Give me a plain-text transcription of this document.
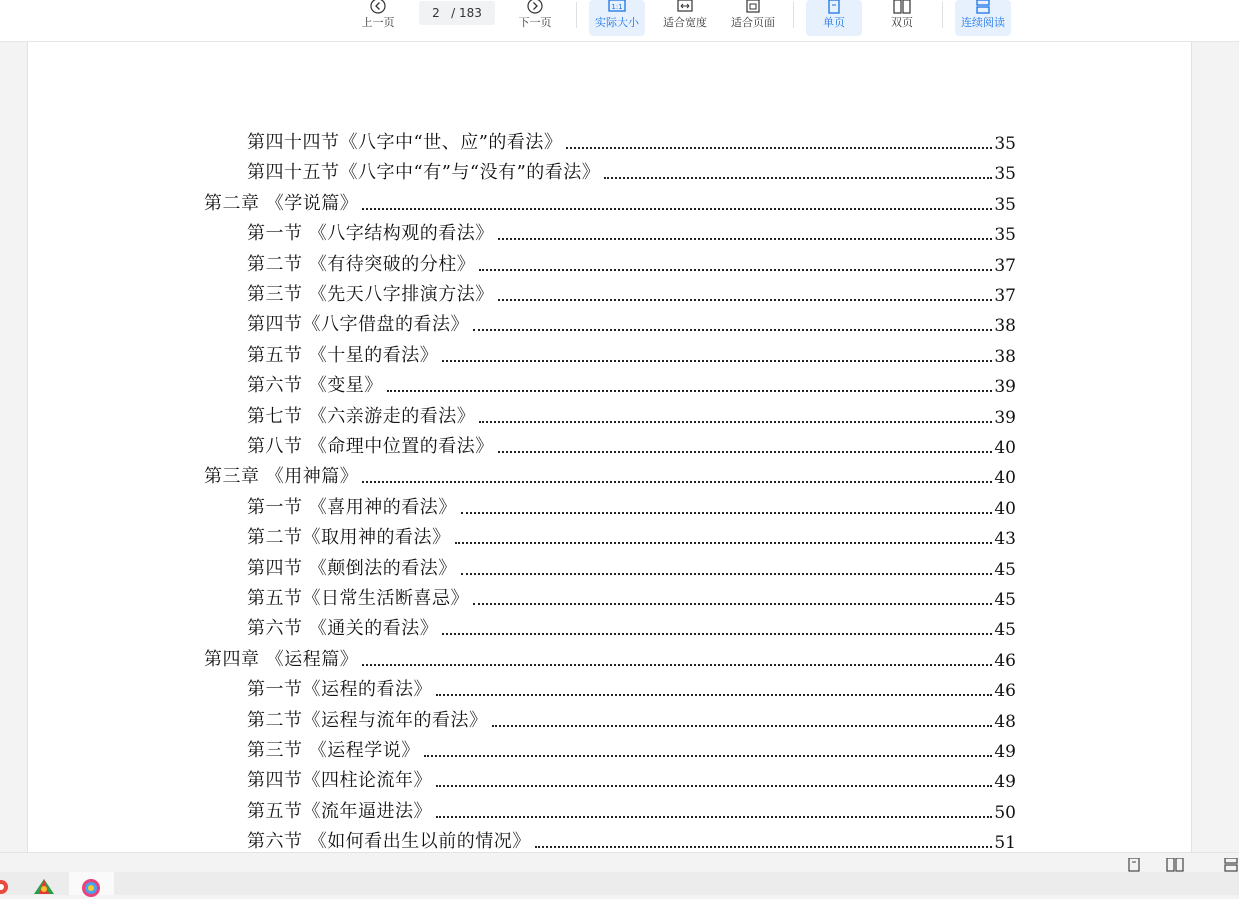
上一页
2 / 183
下一页
1:1
实际大小	适合宽度	适合页面	单页	双页	连续阅读
第四十四节《八字中“世、应”的看法》	35
第四十五节《八字中“有”与“没有”的看法》	35
第二章 《学说篇》	35
第一节 《八字结构观的看法》	35
第二节 《有待突破的分柱》	37
第三节 《先天八字排演方法》	37
第四节《八字借盘的看法》	38
第五节 《十星的看法》	38
第六节 《变星》	39
第七节 《六亲游走的看法》	39
第八节 《命理中位置的看法》	40
第三章 《用神篇》	40
第一节 《喜用神的看法》	40
第二节《取用神的看法》	43
第四节 《颠倒法的看法》	45
第五节《日常生活断喜忌》	45
第六节 《通关的看法》	45
第四章 《运程篇》	46
第一节《运程的看法》	46
第二节《运程与流年的看法》	48
第三节 《运程学说》	49
第四节《四柱论流年》	49
第五节《流年逼进法》	50
第六节 《如何看出生以前的情况》	51
